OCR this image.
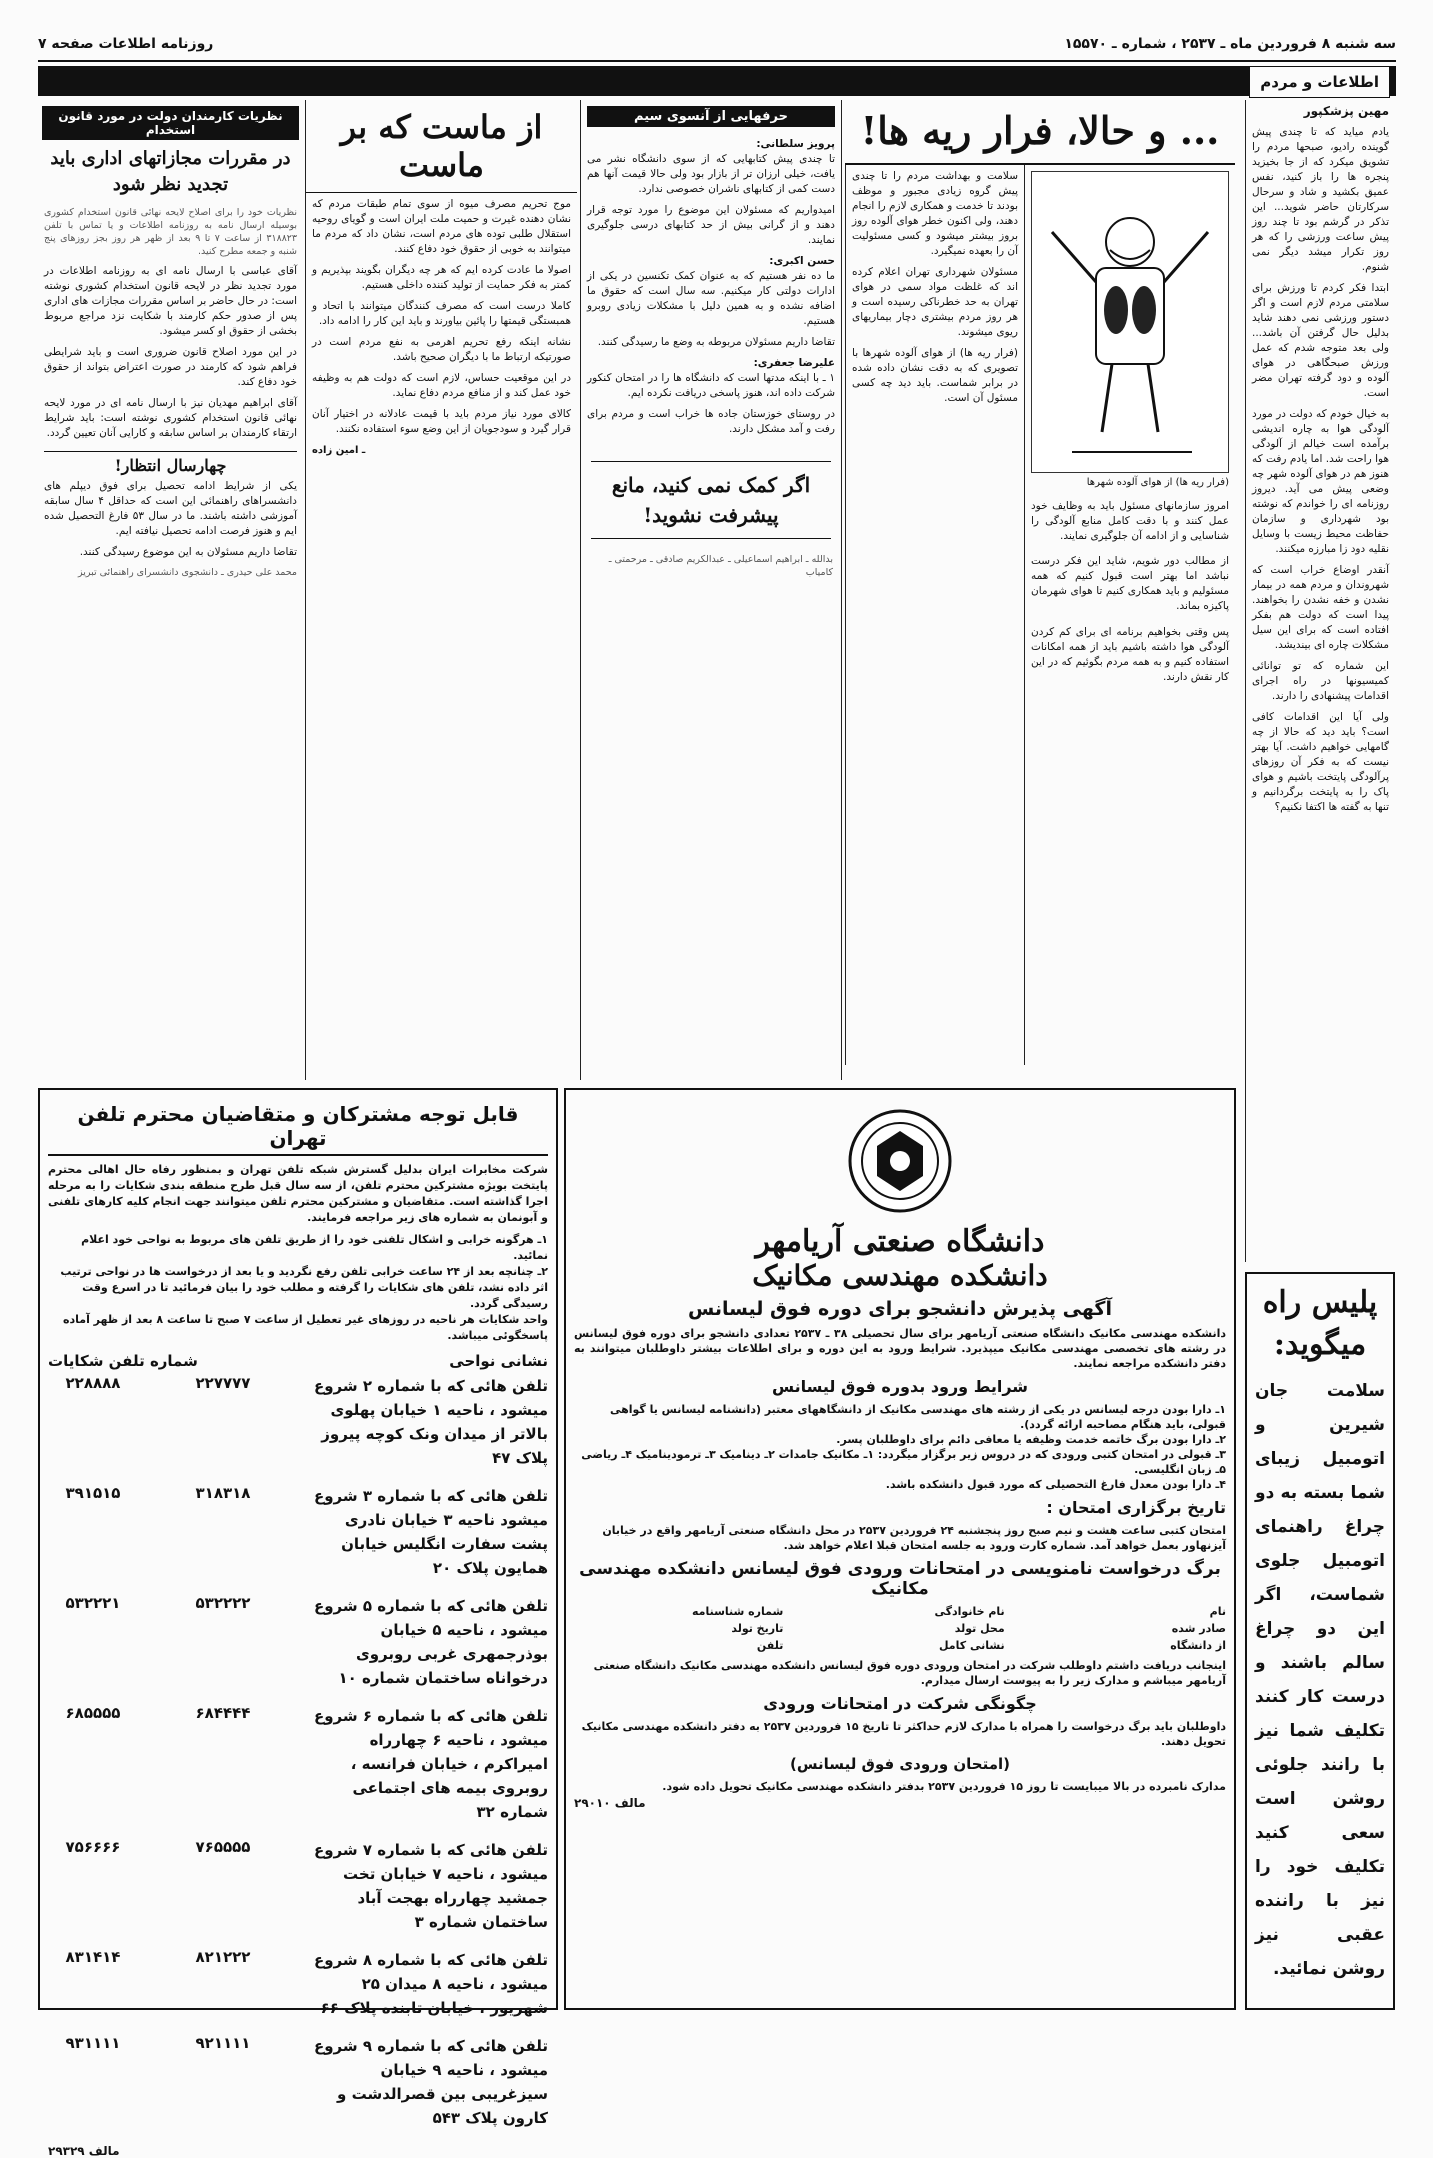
سه شنبه ۸ فروردین ماه ـ ۲۵۳۷ ، شماره ـ ۱۵۵۷۰
روزنامه اطلاعات صفحه ۷
اطلاعات و مردم
مهین پزشکپور

یادم میاید که تا چندی پیش گوینده رادیو، صبحها مردم را تشویق میکرد که از جا بخیزید پنجره ها را باز کنید، نفس عمیق بکشید و شاد و سرحال سرکارتان حاضر شوید... این تذکر در گرشم بود تا چند روز پیش ساعت ورزشی را که هر روز تکرار میشد دیگر نمی شنوم.

ابتدا فکر کردم تا ورزش برای سلامتی مردم لازم است و اگر دستور ورزشی نمی دهند شاید بدلیل حال گرفتن آن باشد... ولی بعد متوجه شدم که عمل ورزش صبحگاهی در هوای آلوده و دود گرفته تهران مضر است.

به خیال خودم که دولت در مورد آلودگی هوا به چاره اندیشی برآمده است خیالم از آلودگی هوا راحت شد. اما یادم رفت که هنوز هم در هوای آلوده شهر چه وضعی پیش می آید. دیروز روزنامه ای را خواندم که نوشته بود شهرداری و سازمان حفاظت محیط زیست با وسایل نقلیه دود زا مبارزه میکنند.

آنقدر اوضاع خراب است که شهروندان و مردم همه در بیمار نشدن و خفه نشدن را بخواهند. پیدا است که دولت هم بفکر افتاده است که برای این سیل مشکلات چاره ای بیندیشد.

این شماره که تو توانائی کمیسیونها در راه اجرای اقدامات پیشنهادی را دارند.

ولی آیا این اقدامات کافی است؟ باید دید که حالا از چه گامهایی خواهیم داشت. آیا بهتر نیست که به فکر آن روزهای پرآلودگی پایتخت باشیم و هوای پاک را به پایتخت برگردانیم و تنها به گفته ها اکتفا نکنیم؟

پلیس راه میگوید:
سلامت جان شیرین و اتومبیل زیبای شما بسته به دو چراغ راهنمای اتومبیل جلوی شماست، اگر این دو چراغ سالم باشند و درست کار کنند تکلیف شما نیز با رانند جلوئی روشن است سعی کنید تکلیف خود را نیز با راننده عقبی نیز روشن نمائید.
... و حالا، فرار ریه ها!
(فرار ریه ها) از هوای آلوده شهرها

امروز سازمانهای مسئول باید به وظایف خود عمل کنند و با دقت کامل منابع آلودگی را شناسایی و از ادامه آن جلوگیری نمایند.

از مطالب دور شویم، شاید این فکر درست نباشد اما بهتر است قبول کنیم که همه مسئولیم و باید همکاری کنیم تا هوای شهرمان پاکیزه بماند.

پس وقتی بخواهیم برنامه ای برای کم کردن آلودگی هوا داشته باشیم باید از همه امکانات استفاده کنیم و به همه مردم بگوئیم که در این کار نقش دارند.

سلامت و بهداشت مردم را تا چندی پیش گروه زیادی مجبور و موظف بودند تا خدمت و همکاری لازم را انجام دهند، ولی اکنون خطر هوای آلوده روز بروز بیشتر میشود و کسی مسئولیت آن را بعهده نمیگیرد.

مسئولان شهرداری تهران اعلام کرده اند که غلظت مواد سمی در هوای تهران به حد خطرناکی رسیده است و هر روز مردم بیشتری دچار بیماریهای ریوی میشوند.

(فرار ریه ها) از هوای آلوده شهرها با تصویری که به دقت نشان داده شده در برابر شماست. باید دید چه کسی مسئول آن است.

حرفهایی از آنسوی سیم
پرویز سلطانی:

تا چندی پیش کتابهایی که از سوی دانشگاه نشر می یافت، خیلی ارزان تر از بازار بود ولی حالا قیمت آنها هم دست کمی از کتابهای ناشران خصوصی ندارد.

امیدواریم که مسئولان این موضوع را مورد توجه قرار دهند و از گرانی بیش از حد کتابهای درسی جلوگیری نمایند.

حسن اکبری:

ما ده نفر هستیم که به عنوان کمک تکنسین در یکی از ادارات دولتی کار میکنیم. سه سال است که حقوق ما اضافه نشده و به همین دلیل با مشکلات زیادی روبرو هستیم.

تقاضا داریم مسئولان مربوطه به وضع ما رسیدگی کنند.

علیرضا جعفری:

۱ ـ با اینکه مدتها است که دانشگاه ها را در امتحان کنکور شرکت داده اند، هنوز پاسخی دریافت نکرده ایم.

در روستای خوزستان جاده ها خراب است و مردم برای رفت و آمد مشکل دارند.

اگر کمک نمی کنید، مانع پیشرفت نشوید!
بدالله ـ ابراهیم اسماعیلی ـ عبدالکریم صادقی ـ مرحمتی ـ کامیاب
از ماست که بر ماست

موج تحریم مصرف میوه از سوی تمام طبقات مردم که نشان دهنده غیرت و حمیت ملت ایران است و گویای روحیه استقلال طلبی توده های مردم است، نشان داد که مردم ما میتوانند به خوبی از حقوق خود دفاع کنند.

اصولا ما عادت کرده ایم که هر چه دیگران بگویند بپذیریم و کمتر به فکر حمایت از تولید کننده داخلی هستیم.

کاملا درست است که مصرف کنندگان میتوانند با اتحاد و همبستگی قیمتها را پائین بیاورند و باید این کار را ادامه داد.

نشانه اینکه رفع تحریم اهرمی به نفع مردم است در صورتیکه ارتباط ما با دیگران صحیح باشد.

در این موقعیت حساس، لازم است که دولت هم به وظیفه خود عمل کند و از منافع مردم دفاع نماید.

کالای مورد نیاز مردم باید با قیمت عادلانه در اختیار آنان قرار گیرد و سودجویان از این وضع سوء استفاده نکنند.

ـ امین زاده
نظریات کارمندان دولت در مورد قانون استخدام
در مقررات مجازاتهای اداری باید تجدید نظر شود

نظریات خود را برای اصلاح لایحه نهائی قانون استخدام کشوری بوسیله ارسال نامه به روزنامه اطلاعات و یا تماس با تلفن ۳۱۸۸۲۳ از ساعت ۷ تا ۹ بعد از ظهر هر روز بجز روزهای پنج شنبه و جمعه مطرح کنید.

آقای عباسی با ارسال نامه ای به روزنامه اطلاعات در مورد تجدید نظر در لایحه قانون استخدام کشوری نوشته است: در حال حاضر بر اساس مقررات مجازات های اداری پس از صدور حکم کارمند با شکایت نزد مراجع مربوط بخشی از حقوق او کسر میشود.

در این مورد اصلاح قانون ضروری است و باید شرایطی فراهم شود که کارمند در صورت اعتراض بتواند از حقوق خود دفاع کند.

آقای ابراهیم مهدیان نیز با ارسال نامه ای در مورد لایحه نهائی قانون استخدام کشوری نوشته است: باید شرایط ارتقاء کارمندان بر اساس سابقه و کارایی آنان تعیین گردد.

چهارسال انتظار!

یکی از شرایط ادامه تحصیل برای فوق دیپلم های دانشسراهای راهنمائی این است که حداقل ۴ سال سابقه آموزشی داشته باشند. ما در سال ۵۳ فارغ التحصیل شده ایم و هنوز فرصت ادامه تحصیل نیافته ایم.

تقاضا داریم مسئولان به این موضوع رسیدگی کنند.

محمد علی حیدری ـ دانشجوی دانشسرای راهنمائی تبریز
قابل توجه مشترکان و متقاضیان محترم تلفن تهران
شرکت مخابرات ایران بدلیل گسترش شبکه تلفن تهران و بمنظور رفاه حال اهالی محترم پایتخت بویژه مشترکین محترم تلفن، از سه سال قبل طرح منطقه بندی شکایات را به مرحله اجرا گذاشته است. متقاضیان و مشترکین محترم تلفن میتوانند جهت انجام کلیه کارهای تلفنی و آبونمان به شماره های زیر مراجعه فرمایند.
۱ـ هرگونه خرابی و اشکال تلفنی خود را از طریق تلفن های مربوط به نواحی خود اعلام نمائید.
۲ـ چنانچه بعد از ۲۴ ساعت خرابی تلفن رفع نگردید و یا بعد از درخواست ها در نواحی ترتیب اثر داده نشد، تلفن های شکایات را گرفته و مطلب خود را بیان فرمائید تا در اسرع وقت رسیدگی گردد.
واحد شکایات هر ناحیه در روزهای غیر تعطیل از ساعت ۷ صبح تا ساعت ۸ بعد از ظهر آماده پاسخگوئی میباشد.
نشانی نواحی
شماره تلفن شکایات
تلفن هائی که با شماره ۲ شروع میشود ، ناحیه ۱ خیابان پهلوی بالاتر از میدان ونک کوچه پیروز پلاک ۴۷
۲۲۷۷۷۷
۲۲۸۸۸۸
تلفن هائی که با شماره ۳ شروع میشود ناحیه ۳ خیابان نادری پشت سفارت انگلیس خیابان همایون پلاک ۲۰
۳۱۸۳۱۸
۳۹۱۵۱۵
تلفن هائی که با شماره ۵ شروع میشود ، ناحیه ۵ خیابان بوذرجمهری غربی روبروی درخواناه ساختمان شماره ۱۰
۵۳۲۲۲۲
۵۳۲۲۲۱
تلفن هائی که با شماره ۶ شروع میشود ، ناحیه ۶ چهارراه امیراکرم ، خیابان فرانسه ، روبروی بیمه های اجتماعی شماره ۳۲
۶۸۴۴۴۴
۶۸۵۵۵۵
تلفن هائی که با شماره ۷ شروع میشود ، ناحیه ۷ خیابان تخت جمشید چهارراه بهجت آباد ساختمان شماره ۳
۷۶۵۵۵۵
۷۵۶۶۶۶
تلفن هائی که با شماره ۸ شروع میشود ، ناحیه ۸ میدان ۲۵ شهریور ، خیابان تابنده پلاک ۶۶
۸۲۱۲۲۲
۸۳۱۴۱۴
تلفن هائی که با شماره ۹ شروع میشود ، ناحیه ۹ خیابان سیزغریبی بین قصرالدشت و کارون پلاک ۵۴۳
۹۲۱۱۱۱
۹۳۱۱۱۱
مالف ۲۹۳۲۹
دانشگاه صنعتی آریامهر
دانشکده مهندسی مکانیک
آگهی پذیرش دانشجو برای دوره فوق لیسانس
دانشکده مهندسی مکانیک دانشگاه صنعتی آریامهر برای سال تحصیلی ۳۸ ـ ۲۵۳۷ تعدادی دانشجو برای دوره فوق لیسانس در رشته های تخصصی مهندسی مکانیک میپذیرد. شرایط ورود به این دوره و برای اطلاعات بیشتر داوطلبان میتوانند به دفتر دانشکده مراجعه نمایند.
شرایط ورود بدوره فوق لیسانس
۱ـ دارا بودن درجه لیسانس در یکی از رشته های مهندسی مکانیک از دانشگاههای معتبر (دانشنامه لیسانس یا گواهی قبولی، باید هنگام مصاحبه ارائه گردد).
۲ـ دارا بودن برگ خاتمه خدمت وظیفه یا معافی دائم برای داوطلبان پسر.
۳ـ قبولی در امتحان کتبی ورودی که در دروس زیر برگزار میگردد: ۱ـ مکانیک جامدات ۲ـ دینامیک ۳ـ ترمودینامیک ۴ـ ریاضی ۵ـ زبان انگلیسی.
۴ـ دارا بودن معدل فارغ التحصیلی که مورد قبول دانشکده باشد.
تاریخ برگزاری امتحان :
امتحان کتبی ساعت هشت و نیم صبح روز پنجشنبه ۲۴ فروردین ۲۵۳۷ در محل دانشگاه صنعتی آریامهر واقع در خیابان آیزنهاور بعمل خواهد آمد. شماره کارت ورود به جلسه امتحان قبلا اعلام خواهد شد.
برگ درخواست نامنویسی در امتحانات ورودی فوق لیسانس دانشکده مهندسی مکانیک
نام
نام خانوادگی
شماره شناسنامه
صادر شده
محل تولد
تاریخ تولد
از دانشگاه
نشانی کامل
تلفن
اینجانب دریافت داشتم داوطلب شرکت در امتحان ورودی دوره فوق لیسانس دانشکده مهندسی مکانیک دانشگاه صنعتی آریامهر میباشم و مدارک زیر را به پیوست ارسال میدارم.
چگونگی شرکت در امتحانات ورودی
داوطلبان باید برگ درخواست را همراه با مدارک لازم حداکثر تا تاریخ ۱۵ فروردین ۲۵۳۷ به دفتر دانشکده مهندسی مکانیک تحویل دهند.
(امتحان ورودی فوق لیسانس)
مدارک نامبرده در بالا میبایست تا روز ۱۵ فروردین ۲۵۳۷ بدفتر دانشکده مهندسی مکانیک تحویل داده شود.
مالف ۲۹۰۱۰
